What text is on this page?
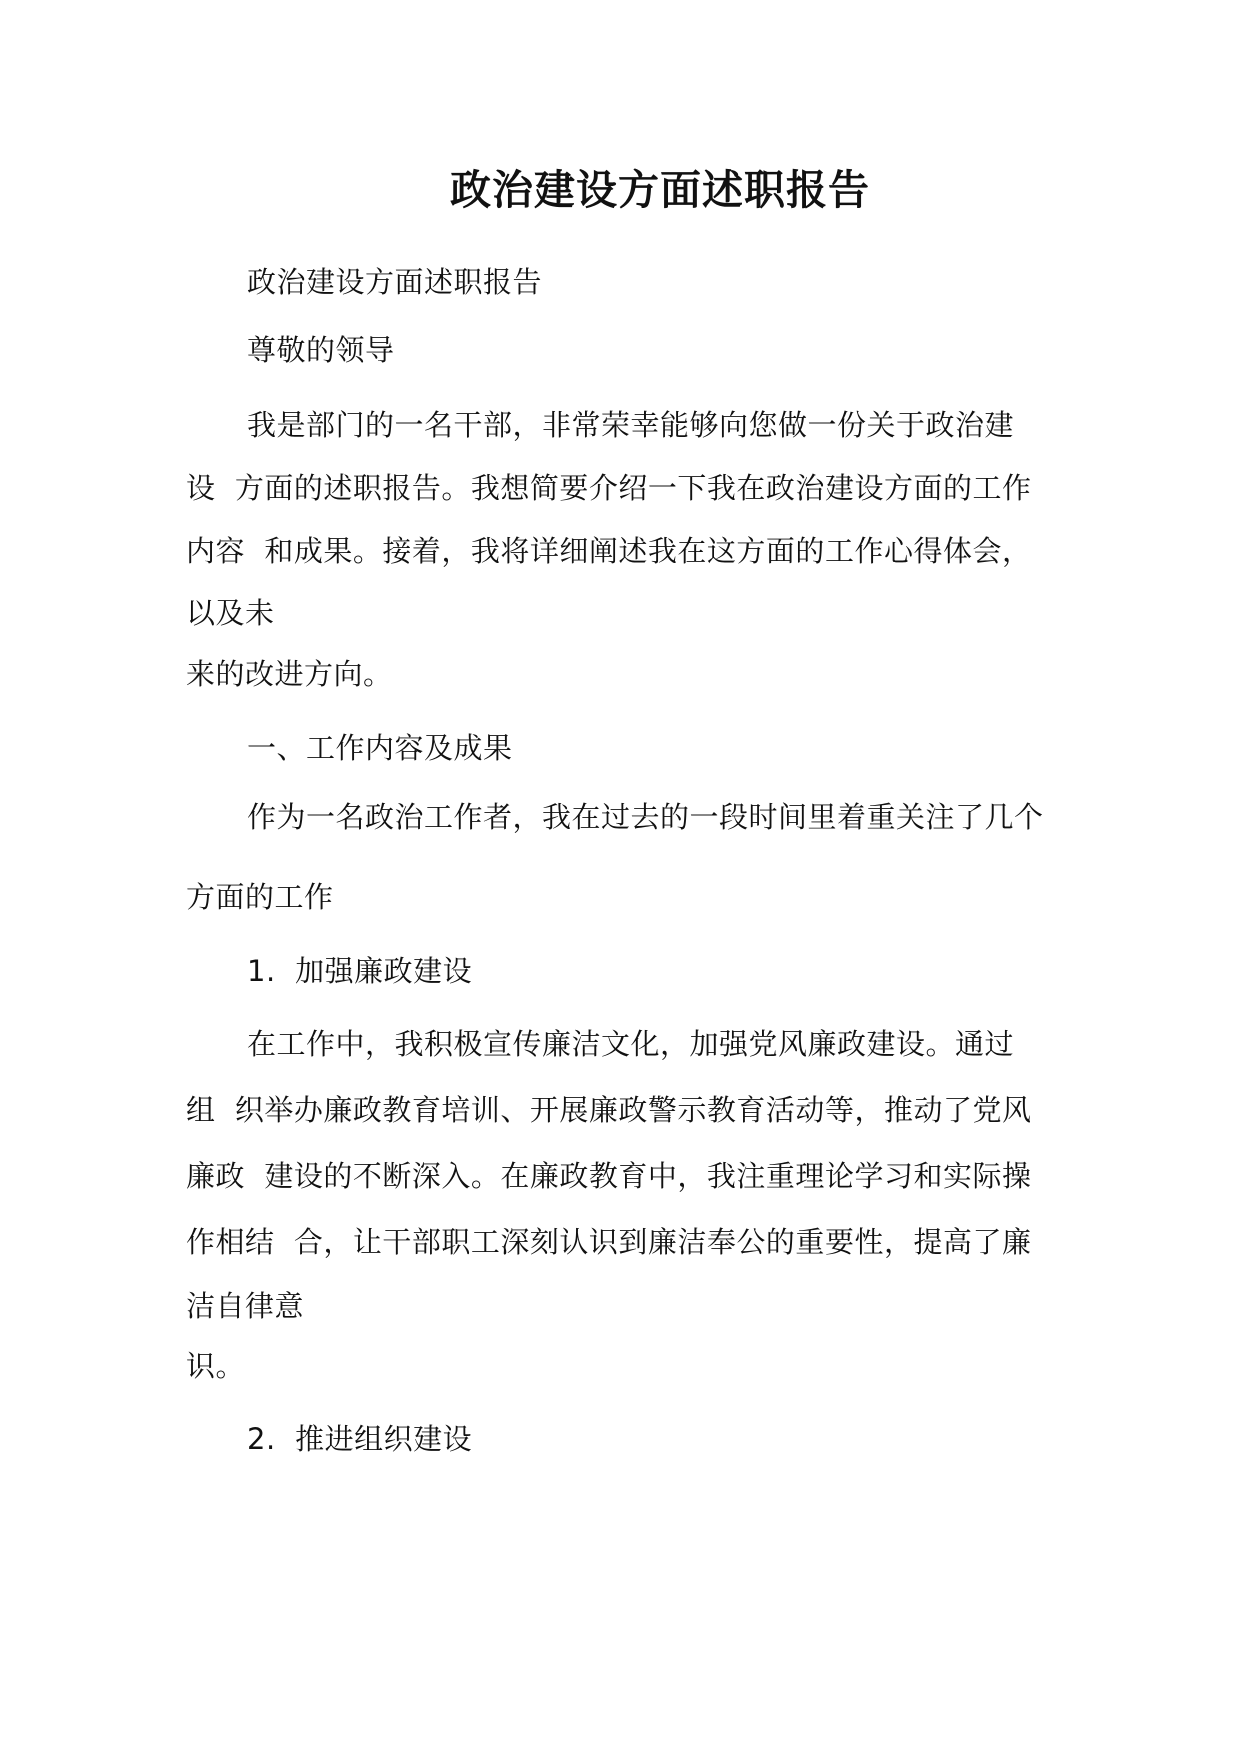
政治建设方面述职报告
政治建设方面述职报告
尊敬的领导
我是部门的一名干部，非常荣幸能够向您做一份关于政治建
设  方面的述职报告。我想简要介绍一下我在政治建设方面的工作
内容  和成果。接着，我将详细阐述我在这方面的工作心得体会，
以及未
来的改进方向。
一、工作内容及成果
作为一名政治工作者，我在过去的一段时间里着重关注了几个
方面的工作
1.  加强廉政建设
在工作中，我积极宣传廉洁文化，加强党风廉政建设。通过
组  织举办廉政教育培训、开展廉政警示教育活动等，推动了党风
廉政  建设的不断深入。在廉政教育中，我注重理论学习和实际操
作相结  合，让干部职工深刻认识到廉洁奉公的重要性，提高了廉
洁自律意
识。
2.  推进组织建设
